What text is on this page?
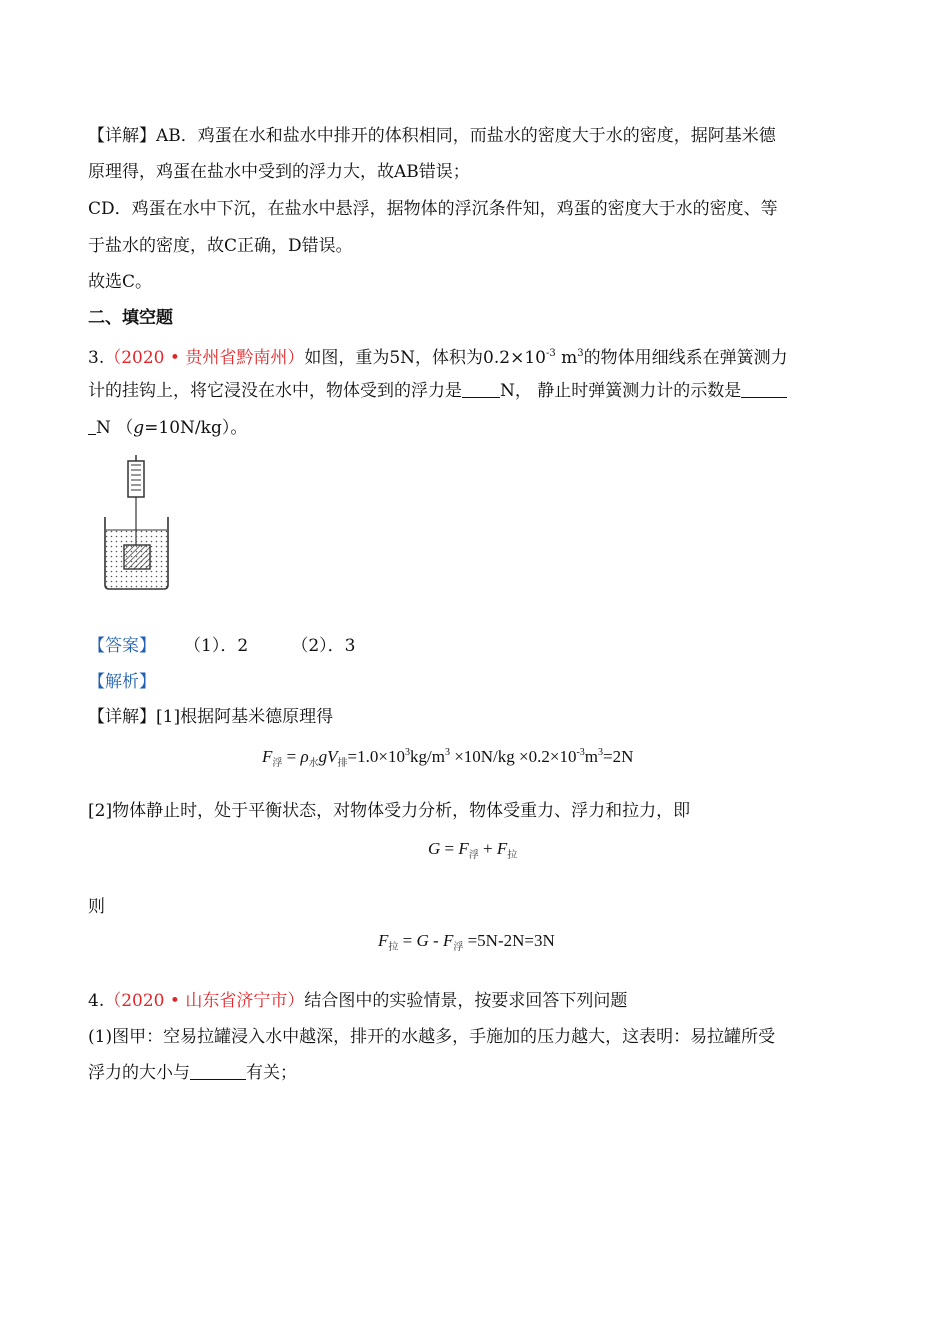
【详解】AB．鸡蛋在水和盐水中排开的体积相同，而盐水的密度大于水的密度，据阿基米德
原理得，鸡蛋在盐水中受到的浮力大，故AB错误；
CD．鸡蛋在水中下沉，在盐水中悬浮，据物体的浮沉条件知，鸡蛋的密度大于水的密度、等
于盐水的密度，故C正确，D错误。
故选C。
二、填空题
3.（2020 • 贵州省黔南州）如图，重为5N，体积为$0.2\times 10^{-3}$ $m^3$的物体用细线系在弹簧测力
计的挂钩上，将它浸没在水中，物体受到的浮力是 N， 静止时弹簧测力计的示数是
N （g=10N/kg）。
【答案】 （1）．2        （2）．3
【解析】
【详解】[1]根据阿基米德原理得
$F_浮 = \rho_水gV_排=1.0\times 10^3kg/m^3 \times 10N/kg \times 0.2\times 10^{-3}m^3=2N$
[2]物体静止时，处于平衡状态，对物体受力分析，物体受重力、浮力和拉力，即
$G = F_浮 + F_拉$
则
$F_拉 = G - F_浮 =5N-2N=3N$
4.（2020 • 山东省济宁市）结合图中的实验情景，按要求回答下列问题
(1)图甲：空易拉罐浸入水中越深，排开的水越多，手施加的压力越大，这表明：易拉罐所受
浮力的大小与	有关；
